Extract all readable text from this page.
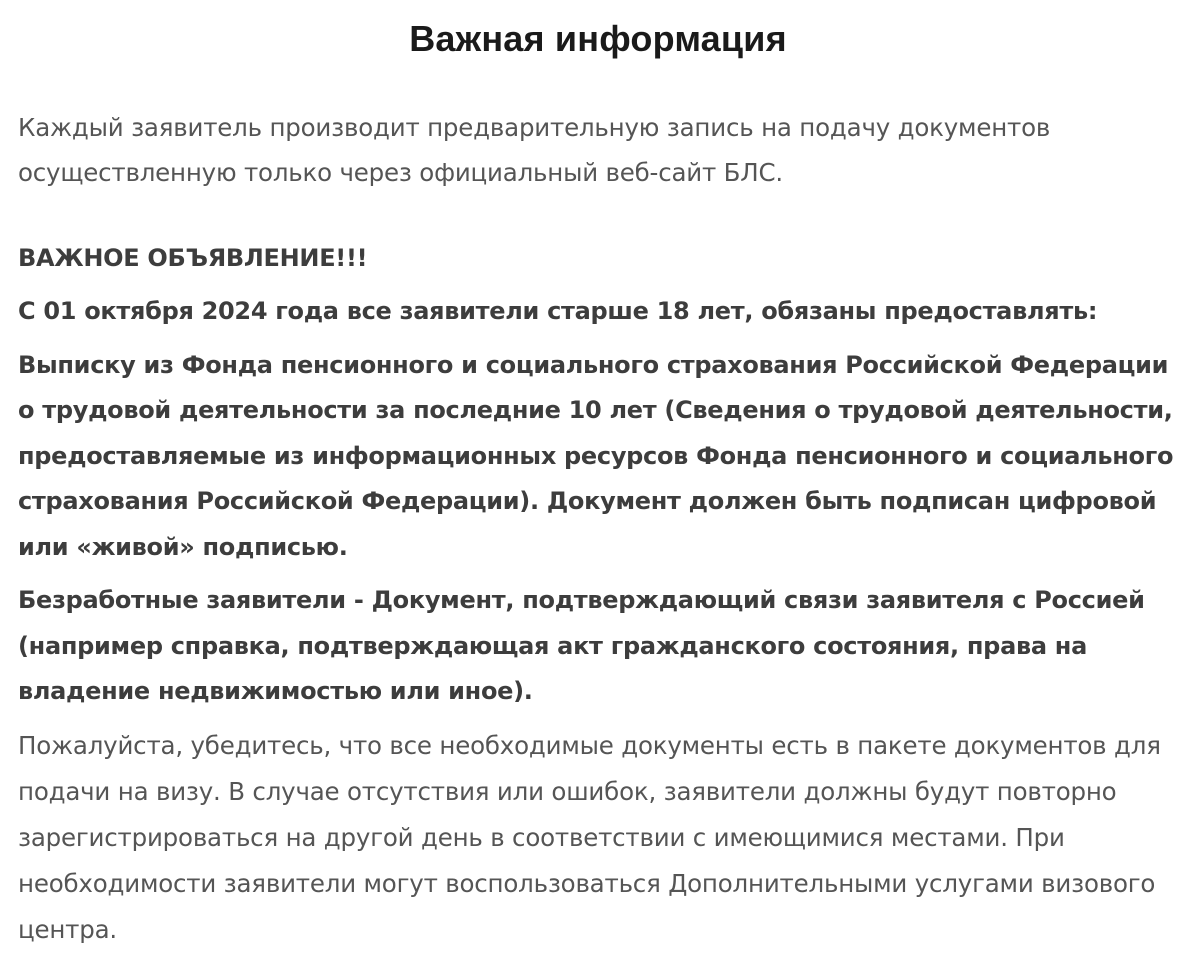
Важная информация

Каждый заявитель производит предварительную запись на подачу документов осуществленную только через официальный веб-сайт БЛС.

ВАЖНОЕ ОБЪЯВЛЕНИЕ!!!

С 01 октября 2024 года все заявители старше 18 лет, обязаны предоставлять:

Выписку из Фонда пенсионного и социального страхования Российской Федерации о трудовой деятельности за последние 10 лет (Сведения о трудовой деятельности, предоставляемые из информационных ресурсов Фонда пенсионного и социального страхования Российской Федерации). Документ должен быть подписан цифровой или «живой» подписью.

Безработные заявители - Документ, подтверждающий связи заявителя с Россией (например справка, подтверждающая акт гражданского состояния, права на владение недвижимостью или иное).

Пожалуйста, убедитесь, что все необходимые документы есть в пакете документов для подачи на визу. В случае отсутствия или ошибок, заявители должны будут повторно зарегистрироваться на другой день в соответствии с имеющимися местами. При необходимости заявители могут воспользоваться Дополнительными услугами визового центра.
